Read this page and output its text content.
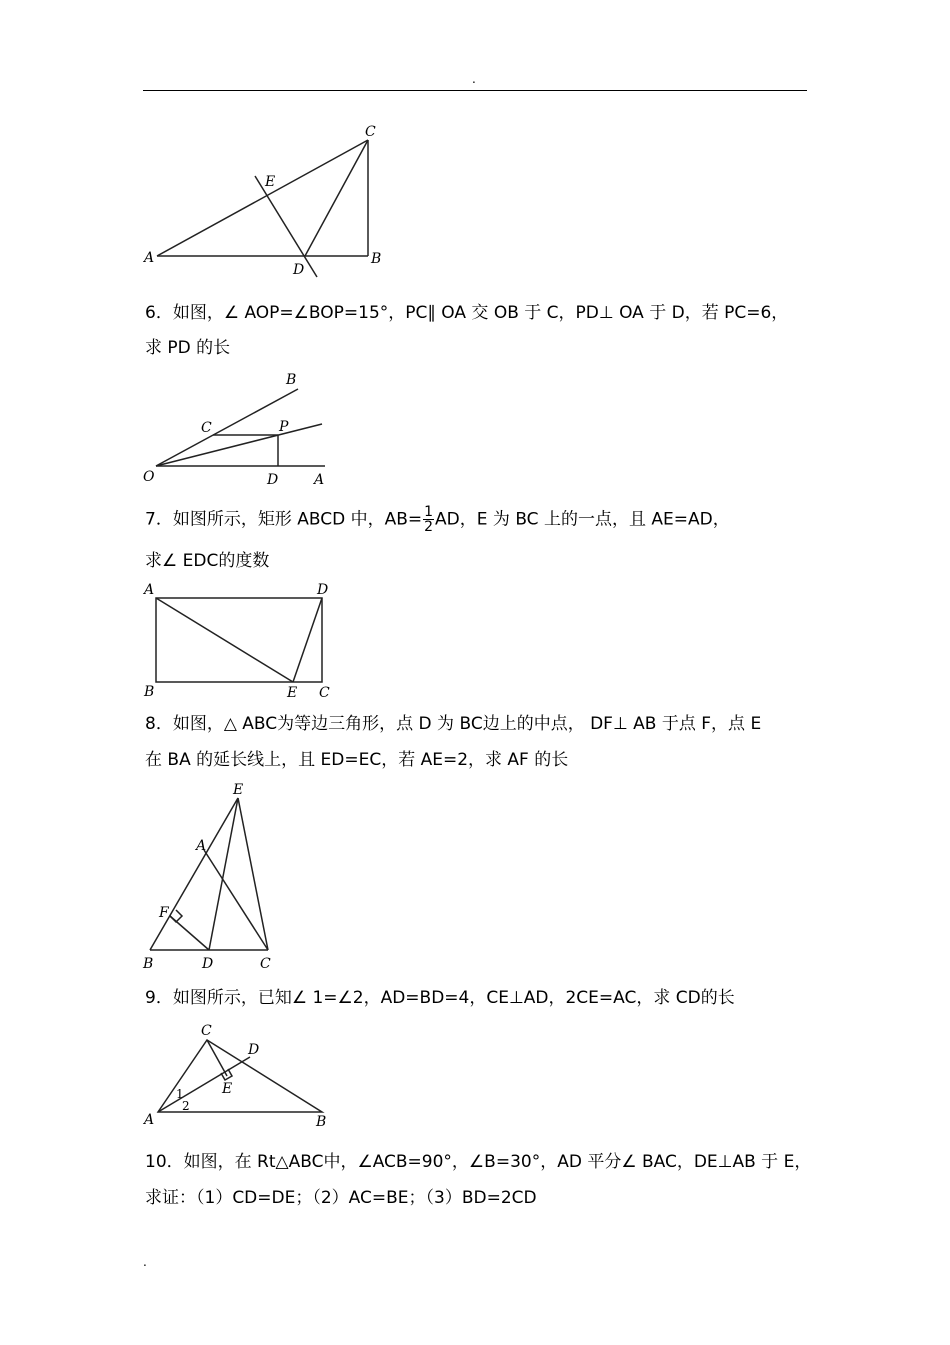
.
A	B
C
D
E
6．如图，∠ AOP=∠BOP=15°，PC∥ OA 交 OB 于 C，PD⊥ OA 于 D，若 PC=6，
求 PD 的长
O	A
B
C	P
D
7．如图所示，矩形 ABCD 中，$AB= \frac{1}{2}$ AD，E 为 BC 上的一点，且 AE=AD，
求∠ EDC的度数
A	D
B	E C
8．如图，△ ABC为等边三角形，点 D 为 BC边上的中点， DF⊥ AB 于点 F，点 E
在 BA 的延长线上，且 ED=EC，若 AE=2，求 AF 的长
E
A
F
B	D	C
9．如图所示，已知∠ 1=∠2，AD=BD=4，CE⊥AD，2CE=AC，求 CD的长
C
D
E
A	B
1
2
10．如图，在 Rt△ABC中，∠ACB=90°，∠B=30°，AD 平分∠ BAC，DE⊥AB 于 E，
求证：（1）CD=DE；（2）AC=BE；（3）BD=2CD
.
